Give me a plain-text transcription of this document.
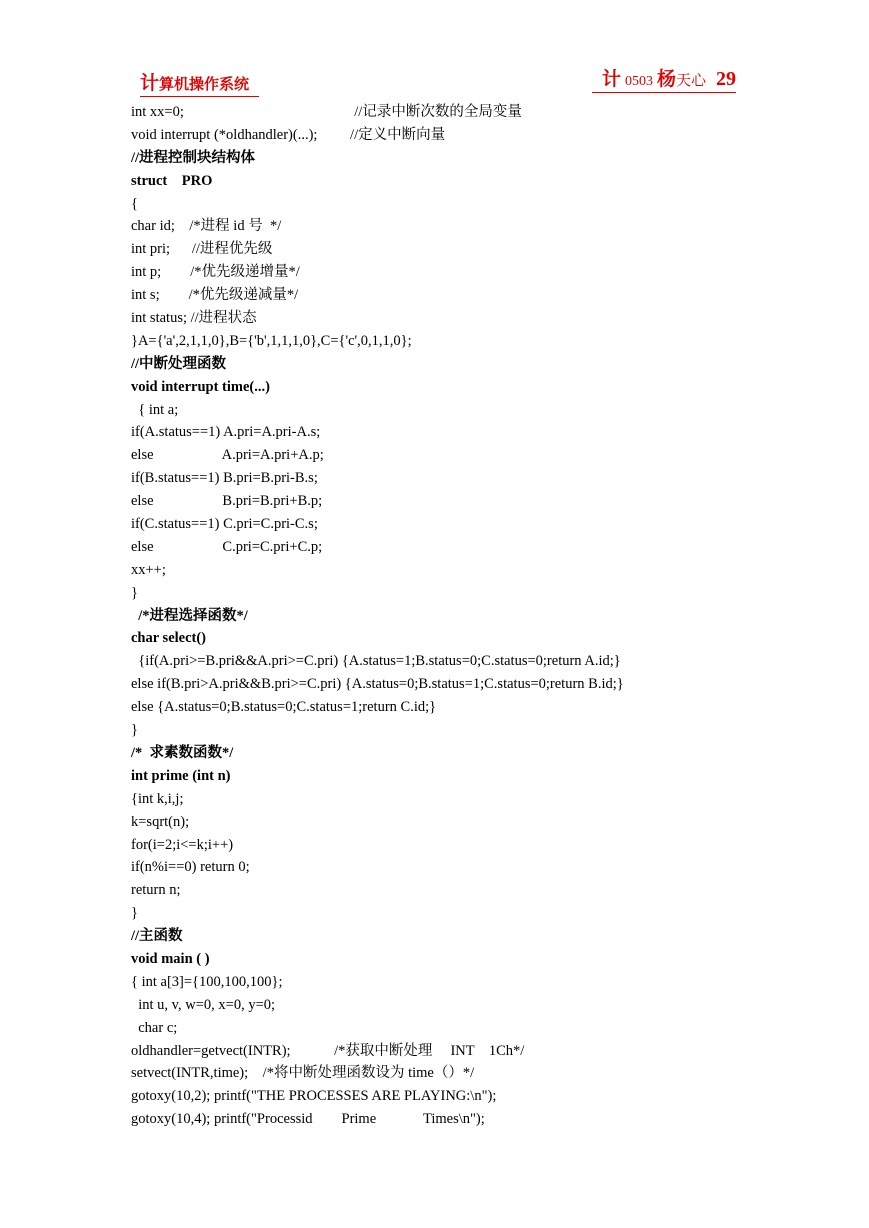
计算机操作系统	计 0503 杨天心 29
int xx=0;                                               //记录中断次数的全局变量
void interrupt (*oldhandler)(...);         //定义中断向量
//进程控制块结构体
struct    PRO
{
char id;    /*进程 id 号  */
int pri;      //进程优先级
int p;        /*优先级递增量*/
int s;        /*优先级递减量*/
int status; //进程状态
}A={'a',2,1,1,0},B={'b',1,1,1,0},C={'c',0,1,1,0};
//中断处理函数
void interrupt time(...)
{ int a;
if(A.status==1) A.pri=A.pri-A.s;
else                   A.pri=A.pri+A.p;
if(B.status==1) B.pri=B.pri-B.s;
else                   B.pri=B.pri+B.p;
if(C.status==1) C.pri=C.pri-C.s;
else                   C.pri=C.pri+C.p;
xx++;
}
/*进程选择函数*/
char select()
{if(A.pri>=B.pri&&A.pri>=C.pri) {A.status=1;B.status=0;C.status=0;return A.id;}
else if(B.pri>A.pri&&B.pri>=C.pri) {A.status=0;B.status=1;C.status=0;return B.id;}
else {A.status=0;B.status=0;C.status=1;return C.id;}
}
/*  求素数函数*/
int prime (int n)
{int k,i,j;
k=sqrt(n);
for(i=2;i<=k;i++)
if(n%i==0) return 0;
return n;
}
//主函数
void main ( )
{ int a[3]={100,100,100};
int u, v, w=0, x=0, y=0;
char c;
oldhandler=getvect(INTR);            /*获取中断处理     INT    1Ch*/
setvect(INTR,time);    /*将中断处理函数设为 time（）*/
gotoxy(10,2); printf("THE PROCESSES ARE PLAYING:\n");
gotoxy(10,4); printf("Processid        Prime             Times\n");
